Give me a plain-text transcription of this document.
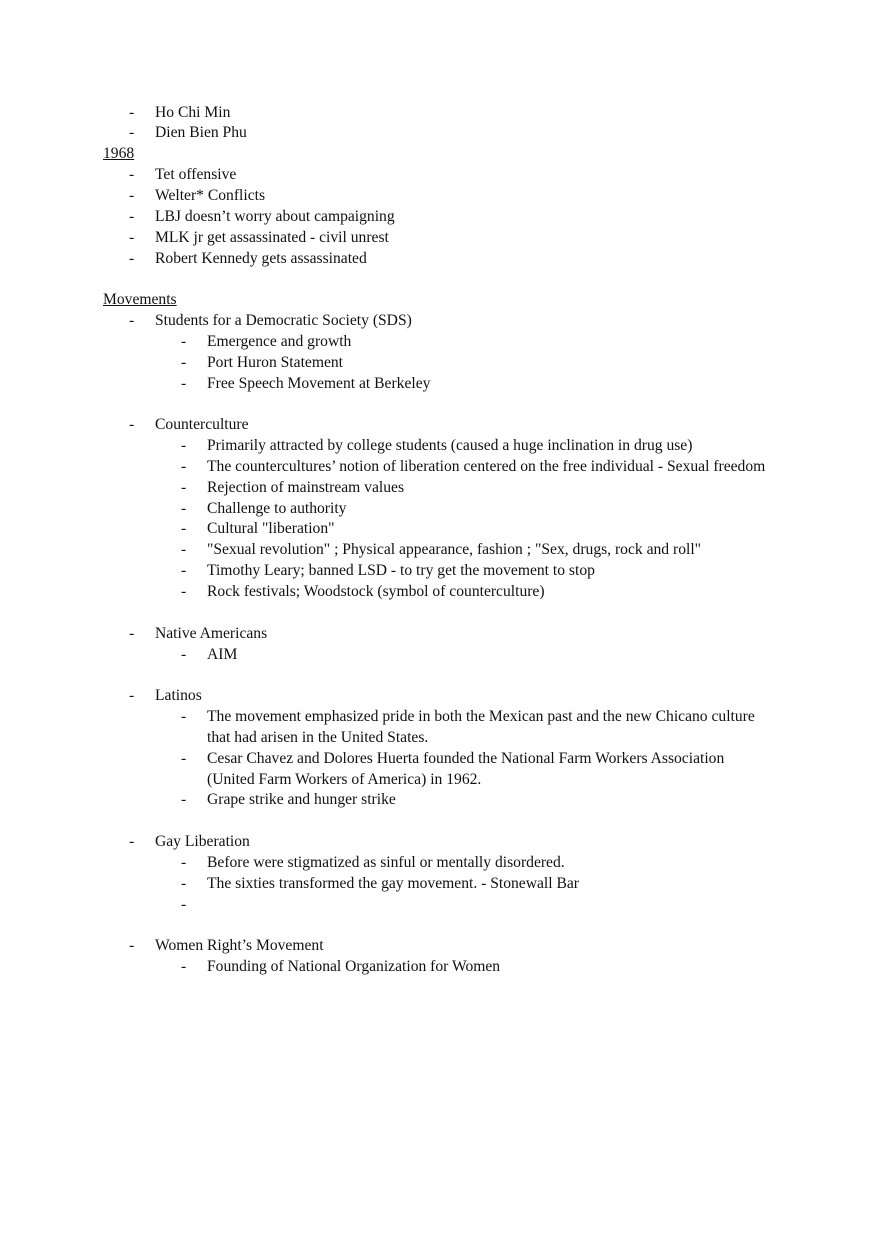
- Ho Chi Min
- Dien Bien Phu
1968
- Tet offensive
- Welter* Conflicts
- LBJ doesn’t worry about campaigning
- MLK jr get assassinated - civil unrest
- Robert Kennedy gets assassinated
Movements
- Students for a Democratic Society (SDS)
- Emergence and growth
- Port Huron Statement
- Free Speech Movement at Berkeley
- Counterculture
- Primarily attracted by college students (caused a huge inclination in drug use)
- The countercultures’ notion of liberation centered on the free individual - Sexual freedom
- Rejection of mainstream values
- Challenge to authority
- Cultural "liberation"
- "Sexual revolution" ; Physical appearance, fashion ; "Sex, drugs, rock and roll"
- Timothy Leary; banned LSD - to try get the movement to stop
- Rock festivals; Woodstock (symbol of counterculture)
- Native Americans
- AIM
- Latinos
- The movement emphasized pride in both the Mexican past and the new Chicano culture
that had arisen in the United States.
- Cesar Chavez and Dolores Huerta founded the National Farm Workers Association
(United Farm Workers of America) in 1962.
- Grape strike and hunger strike
- Gay Liberation
- Before were stigmatized as sinful or mentally disordered.
- The sixties transformed the gay movement. - Stonewall Bar
-
- Women Right’s Movement
- Founding of National Organization for Women
